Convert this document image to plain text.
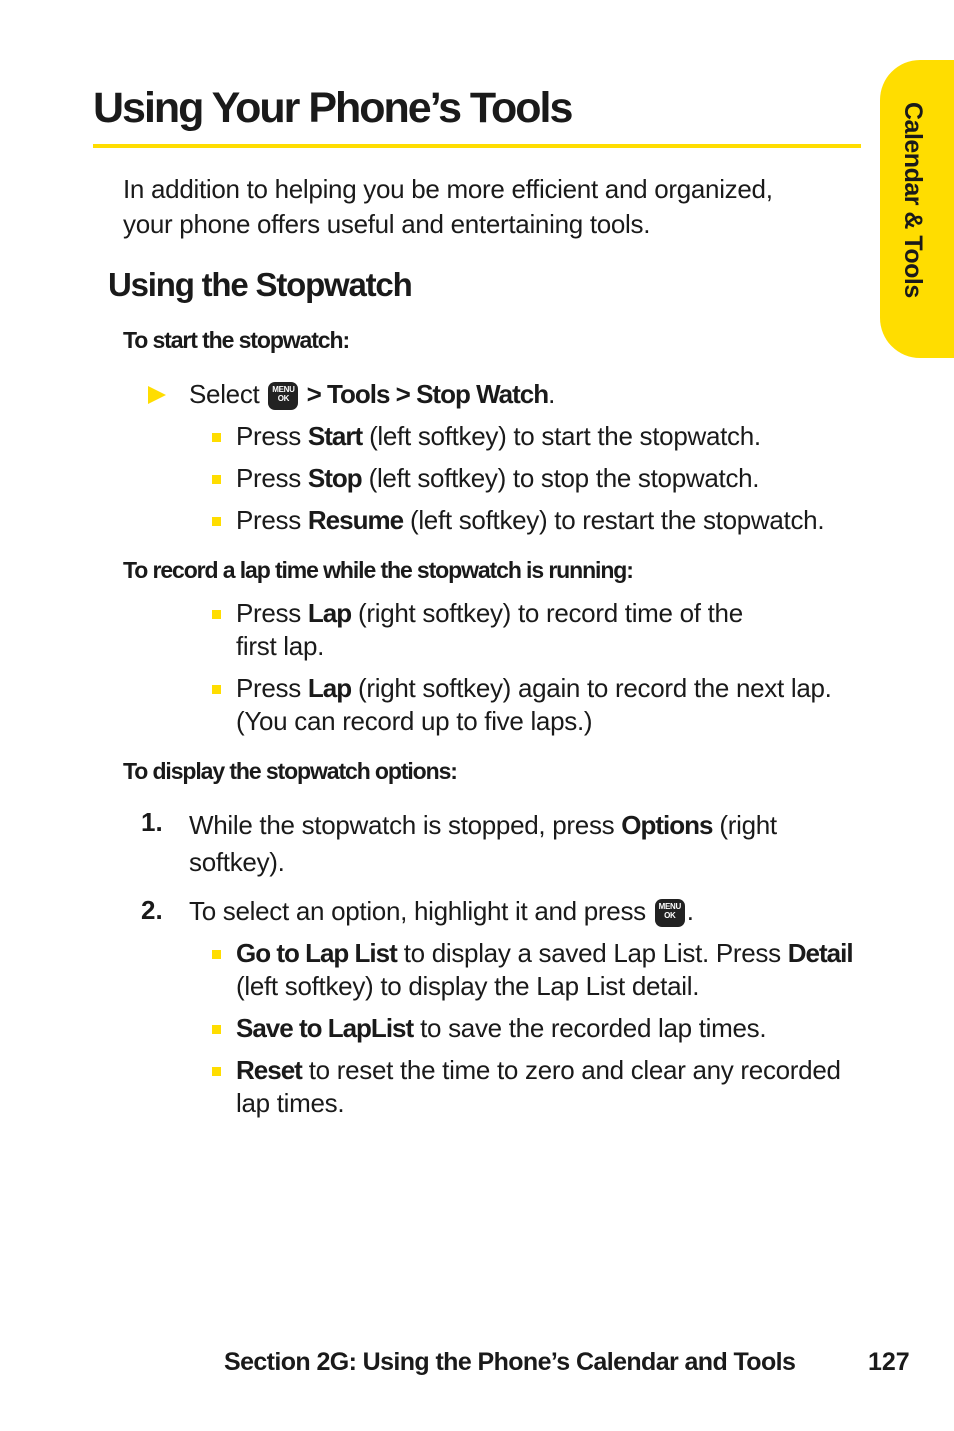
Using Your Phone’s Tools	Calendar & Tools

In addition to helping you be more efficient and organized,
your phone offers useful and entertaining tools.

Using the Stopwatch

To start the stopwatch:

Select MENU
OK > Tools > Stop Watch.
Press Start (left softkey) to start the stopwatch.
Press Stop (left softkey) to stop the stopwatch.
Press Resume (left softkey) to restart the stopwatch.

To record a lap time while the stopwatch is running:

Press Lap (right softkey) to record time of the
first lap.
Press Lap (right softkey) again to record the next lap.
(You can record up to five laps.)

To display the stopwatch options:

1. While the stopwatch is stopped, press Options (right
softkey).
2. To select an option, highlight it and press MENU
OK .
Go to Lap List to display a saved Lap List. Press Detail
(left softkey) to display the Lap List detail.
Save to LapList to save the recorded lap times.
Reset to reset the time to zero and clear any recorded
lap times.
Section 2G: Using the Phone’s Calendar and Tools	127
